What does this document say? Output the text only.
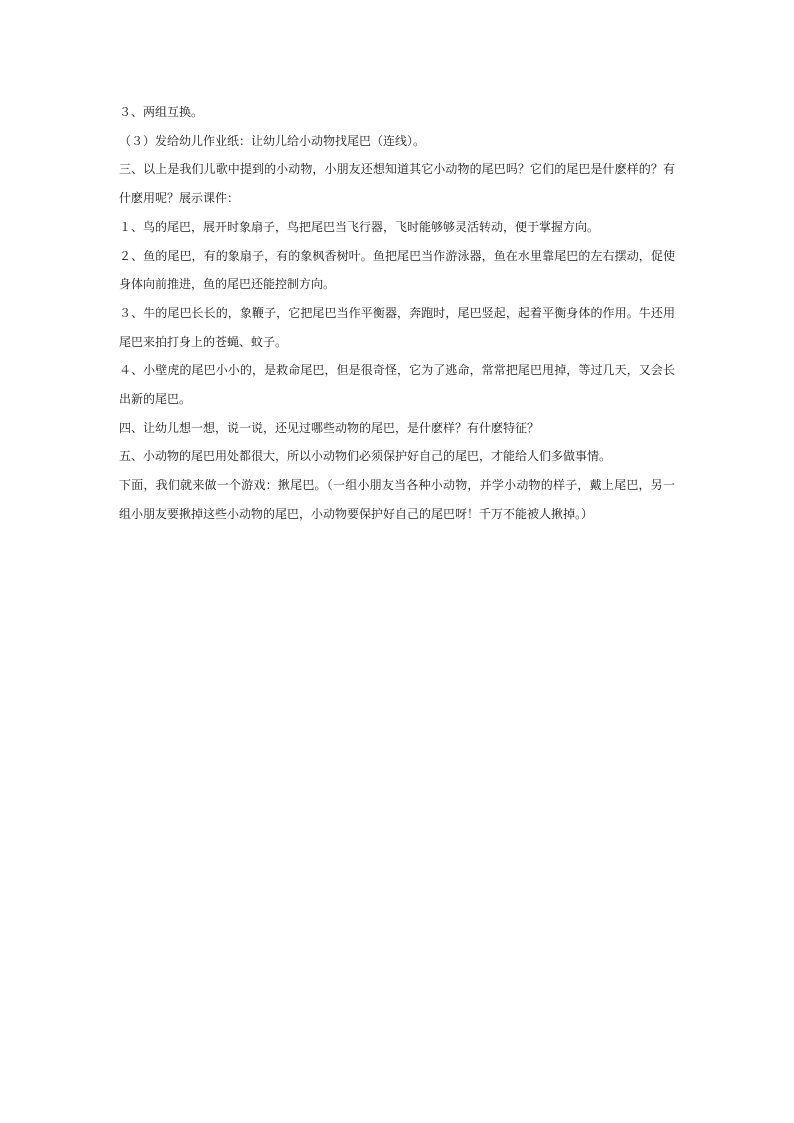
３、两组互换。

（３）发给幼儿作业纸：让幼儿给小动物找尾巴（连线）。

三、以上是我们儿歌中提到的小动物，小朋友还想知道其它小动物的尾巴吗？它们的尾巴是什麽样的？有什麽用呢？展示课件：

１、鸟的尾巴，展开时象扇子，鸟把尾巴当飞行器，飞时能够够灵活转动，便于掌握方向。

２、鱼的尾巴，有的象扇子，有的象枫香树叶。鱼把尾巴当作游泳器，鱼在水里靠尾巴的左右摆动，促使身体向前推进，鱼的尾巴还能控制方向。

３、牛的尾巴长长的，象鞭子，它把尾巴当作平衡器，奔跑时，尾巴竖起，起着平衡身体的作用。牛还用尾巴来拍打身上的苍蝇、蚊子。

４、小壁虎的尾巴小小的，是救命尾巴，但是很奇怪，它为了逃命，常常把尾巴甩掉，等过几天，又会长出新的尾巴。

四、让幼儿想一想，说一说，还见过哪些动物的尾巴，是什麽样？有什麽特征？

五、小动物的尾巴用处都很大，所以小动物们必须保护好自己的尾巴，才能给人们多做事情。

下面，我们就来做一个游戏：揪尾巴。（一组小朋友当各种小动物，并学小动物的样子，戴上尾巴，另一组小朋友要揪掉这些小动物的尾巴，小动物要保护好自己的尾巴呀！千万不能被人揪掉。）
